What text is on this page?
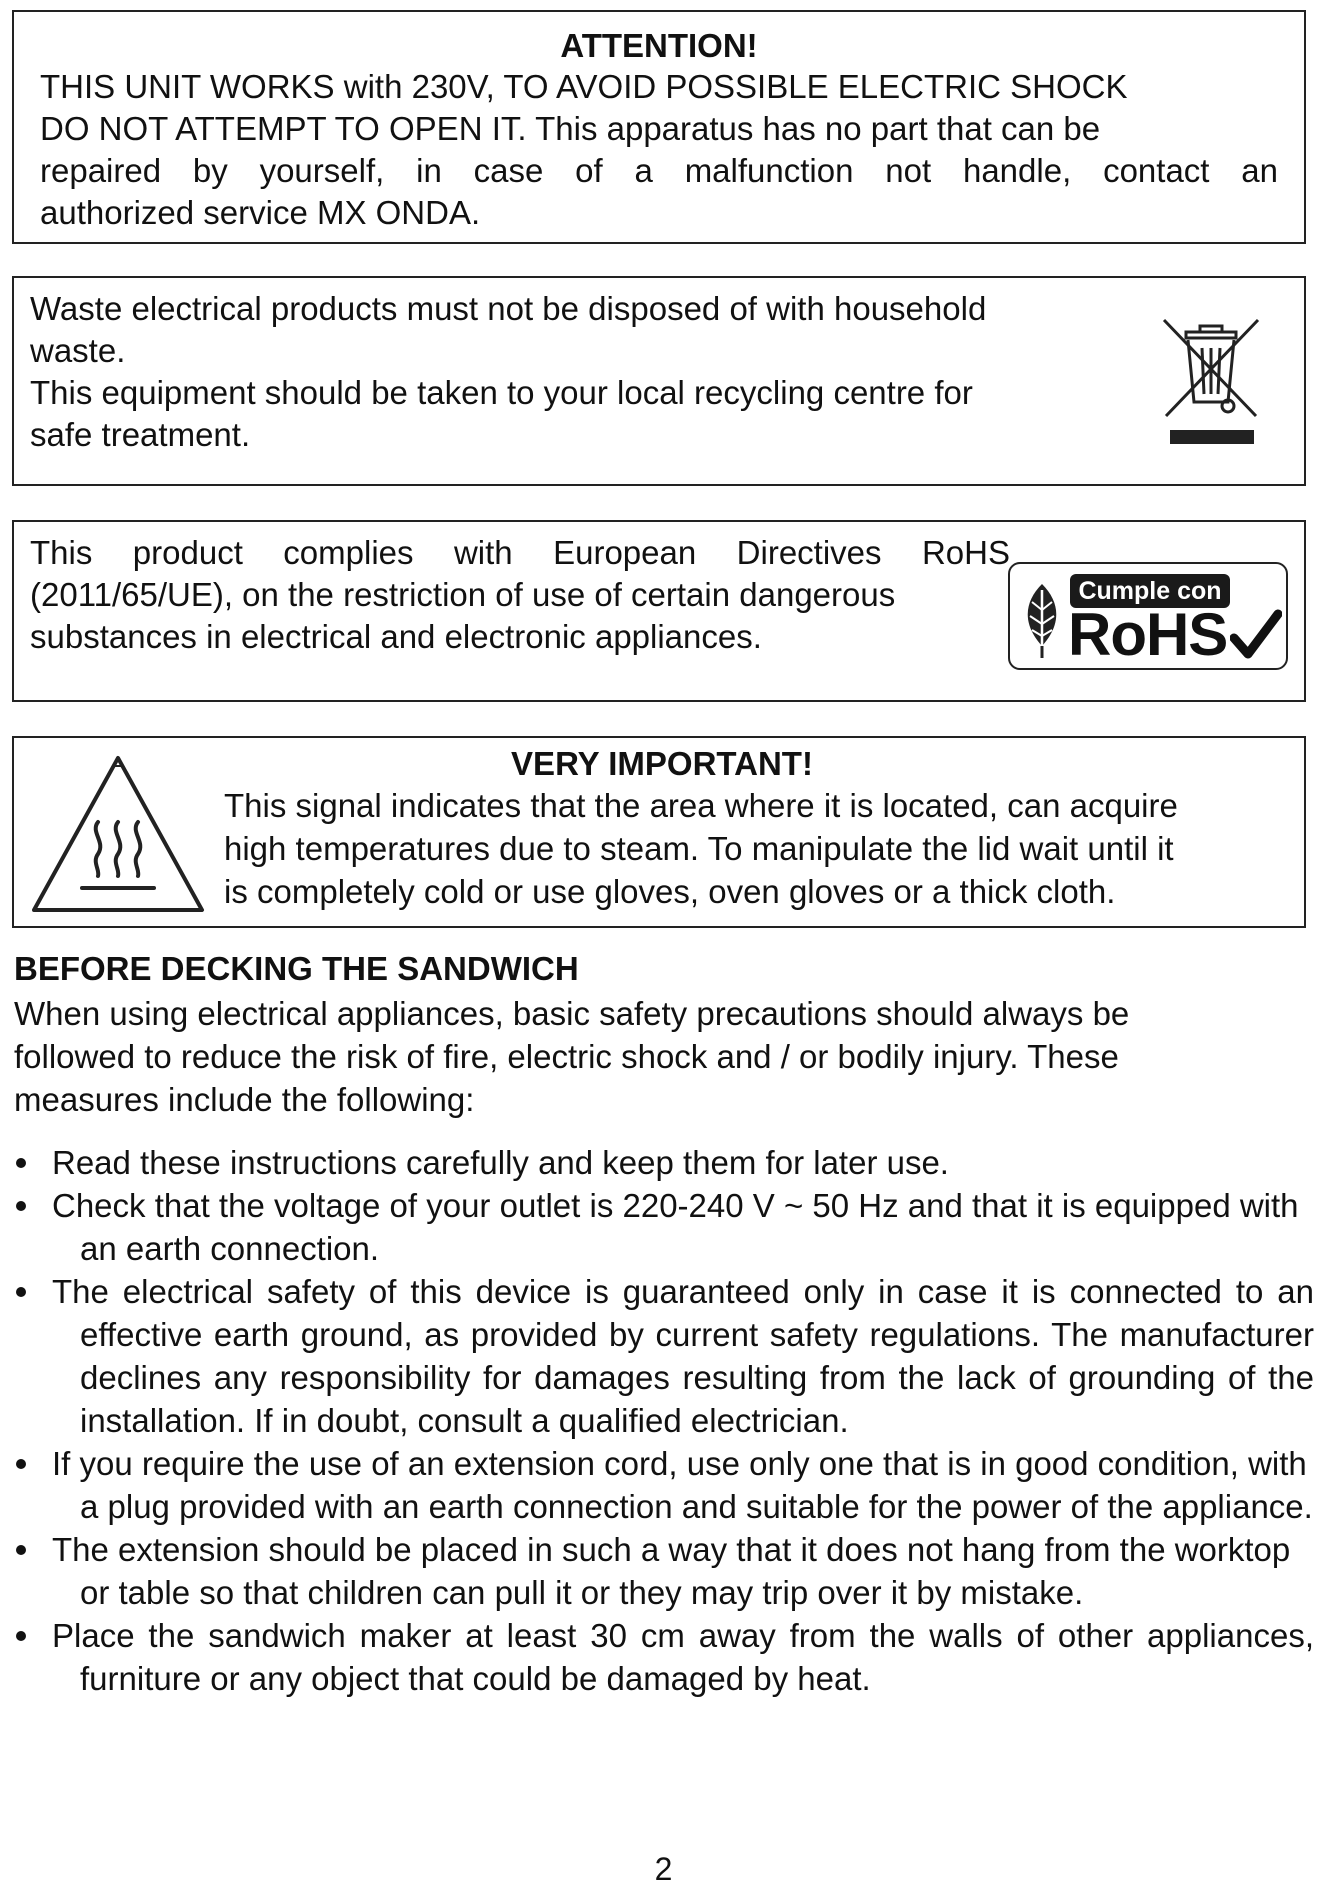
ATTENTION!

THIS UNIT WORKS with 230V, TO AVOID POSSIBLE ELECTRIC SHOCK

DO NOT ATTEMPT TO OPEN IT. This apparatus has no part that can be

repaired by yourself, in case of a malfunction not handle, contact an

authorized service MX ONDA.

Waste electrical products must not be disposed of with household

waste.

This equipment should be taken to your local recycling centre for

safe treatment.

This product complies with European Directives RoHS

(2011/65/UE), on the restriction of use of certain dangerous

substances in electrical and electronic appliances.

Cumple con
RoHS
VERY IMPORTANT!

This signal indicates that the area where it is located, can acquire

high temperatures due to steam. To manipulate the lid wait until it

is completely cold or use gloves, oven gloves or a thick cloth.

BEFORE DECKING THE SANDWICH

When using electrical appliances, basic safety precautions should always be
followed to reduce the risk of fire, electric shock and / or bodily injury. These
measures include the following:

Read these instructions carefully and keep them for later use.
Check that the voltage of your outlet is 220-240 V ~ 50 Hz and that it is equipped with an earth connection.
The electrical safety of this device is guaranteed only in case it is connected to an effective earth ground, as provided by current safety regulations. The manufacturer declines any responsibility for damages resulting from the lack of grounding of the installation. If in doubt, consult a qualified electrician.
If you require the use of an extension cord, use only one that is in good condition, with a plug provided with an earth connection and suitable for the power of the appliance.
The extension should be placed in such a way that it does not hang from the worktop or table so that children can pull it or they may trip over it by mistake.
Place the sandwich maker at least 30 cm away from the walls of other appliances, furniture or any object that could be damaged by heat.
2
